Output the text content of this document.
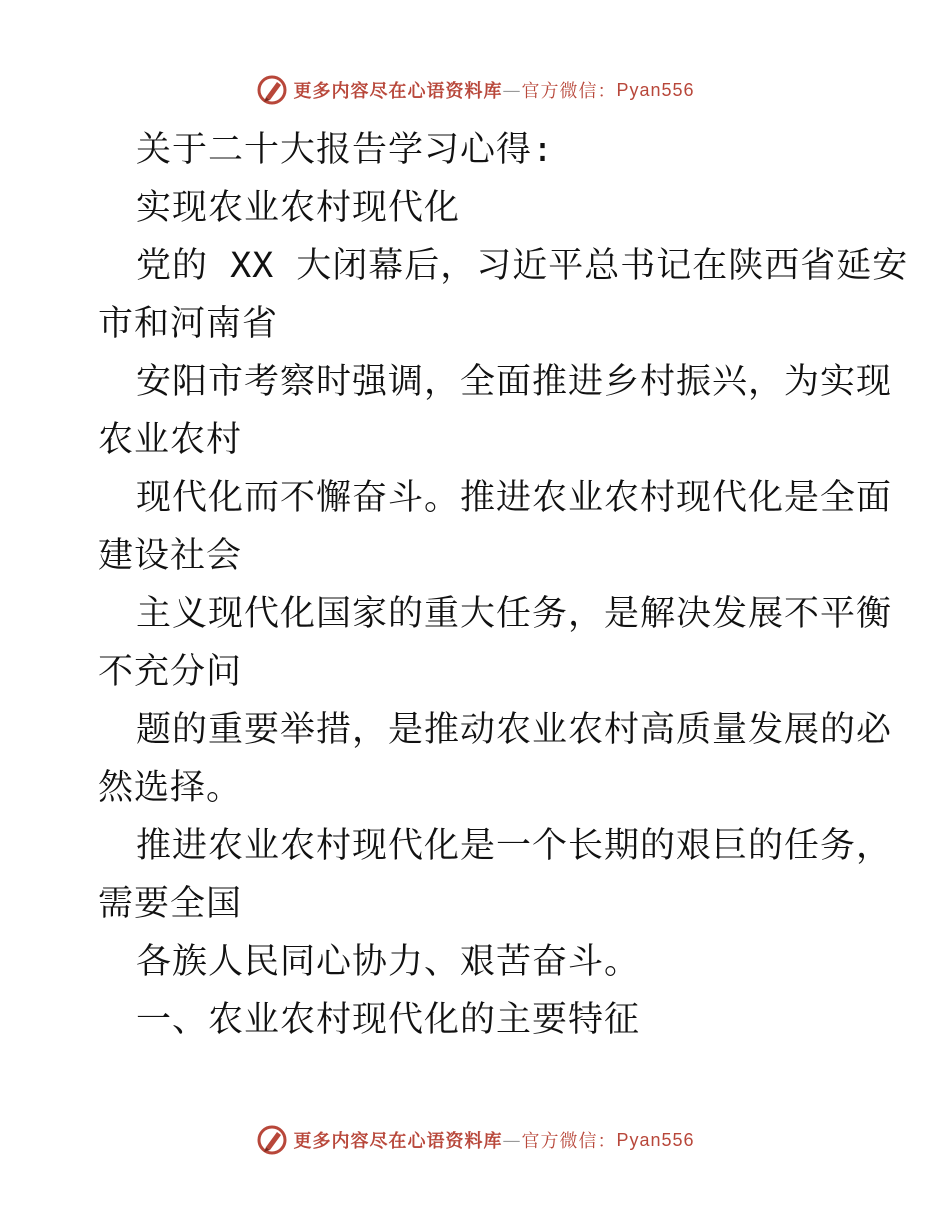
更多内容尽在心语资料库 — 官方微信： Pyan556
关于二十大报告学习心得:
实现农业农村现代化
党的 XX 大闭幕后，习近平总书记在陕西省延安
市和河南省
安阳市考察时强调，全面推进乡村振兴，为实现
农业农村
现代化而不懈奋斗。推进农业农村现代化是全面
建设社会
主义现代化国家的重大任务，是解决发展不平衡
不充分问
题的重要举措，是推动农业农村高质量发展的必
然选择。
推进农业农村现代化是一个长期的艰巨的任务，
需要全国
各族人民同心协力、艰苦奋斗。
一、农业农村现代化的主要特征
更多内容尽在心语资料库 — 官方微信： Pyan556
